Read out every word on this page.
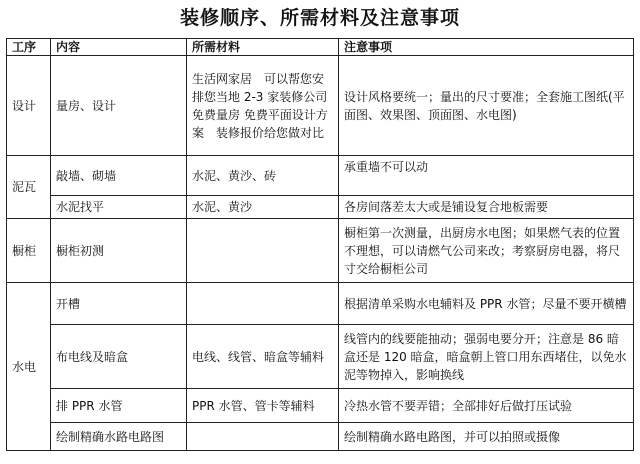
装修顺序、所需材料及注意事项
工序	内容	所需材料	注意事项
设计	量房、设计	生活网家居　可以帮您安排您当地 2-3 家装修公司 免费量房 免费平面设计方案　装修报价给您做对比	设计风格要统一；量出的尺寸要准；全套施工图纸(平面图、效果图、顶面图、水电图)
泥瓦	敲墙、砌墙	水泥、黄沙、砖	承重墙不可以动
	水泥找平	水泥、黄沙	各房间落差太大或是铺设复合地板需要
橱柜	橱柜初测		橱柜第一次测量，出厨房水电图；如果燃气表的位置不理想，可以请燃气公司来改；考察厨房电器，将尺寸交给橱柜公司
水电	开槽		根据清单采购水电辅料及 PPR 水管；尽量不要开横槽
	布电线及暗盒	电线、线管、暗盒等辅料	线管内的线要能抽动；强弱电要分开；注意是 86 暗盒还是 120 暗盒，暗盒朝上管口用东西堵住，以免水泥等物掉入，影响换线
	排 PPR 水管	PPR 水管、管卡等辅料	冷热水管不要弄错；全部排好后做打压试验
	绘制精确水路电路图		绘制精确水路电路图，并可以拍照或摄像
